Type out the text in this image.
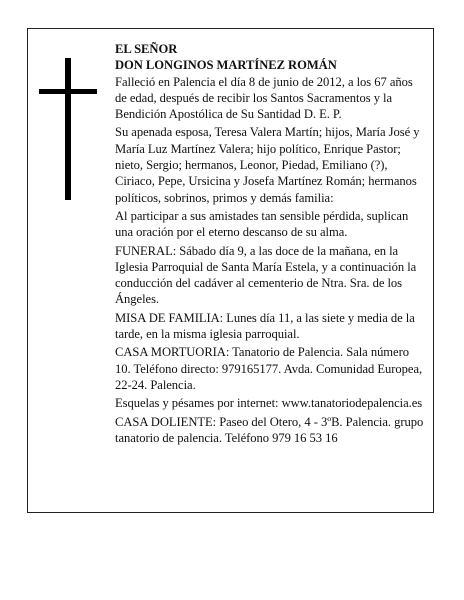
EL SEÑOR
DON LONGINOS MARTÍNEZ ROMÁN

Falleció en Palencia el día 8 de junio de 2012, a los 67 años de edad, después de recibir los Santos Sacramentos y la Bendición Apostólica de Su Santidad D. E. P.

Su apenada esposa, Teresa Valera Martín; hijos, María José y María Luz Martínez Valera; hijo político, Enrique Pastor; nieto, Sergio; hermanos, Leonor, Piedad, Emiliano (?), Ciriaco, Pepe, Ursicina y Josefa Martínez Román; hermanos políticos, sobrinos, primos y demás familia:

Al participar a sus amistades tan sensible pérdida, suplican una oración por el eterno descanso de su alma.

FUNERAL: Sábado día 9, a las doce de la mañana, en la Iglesia Parroquial de Santa María Estela, y a continuación la conducción del cadáver al cementerio de Ntra. Sra. de los Ángeles.

MISA DE FAMILIA: Lunes día 11, a las siete y media de la tarde, en la misma iglesia parroquial.

CASA MORTUORIA: Tanatorio de Palencia. Sala número 10. Teléfono directo: 979165177. Avda. Comunidad Europea, 22-24. Palencia.

Esquelas y pésames por internet: www.tanatoriodepalencia.es

CASA DOLIENTE: Paseo del Otero, 4 - 3ºB. Palencia. grupo tanatorio de palencia. Teléfono 979 16 53 16
